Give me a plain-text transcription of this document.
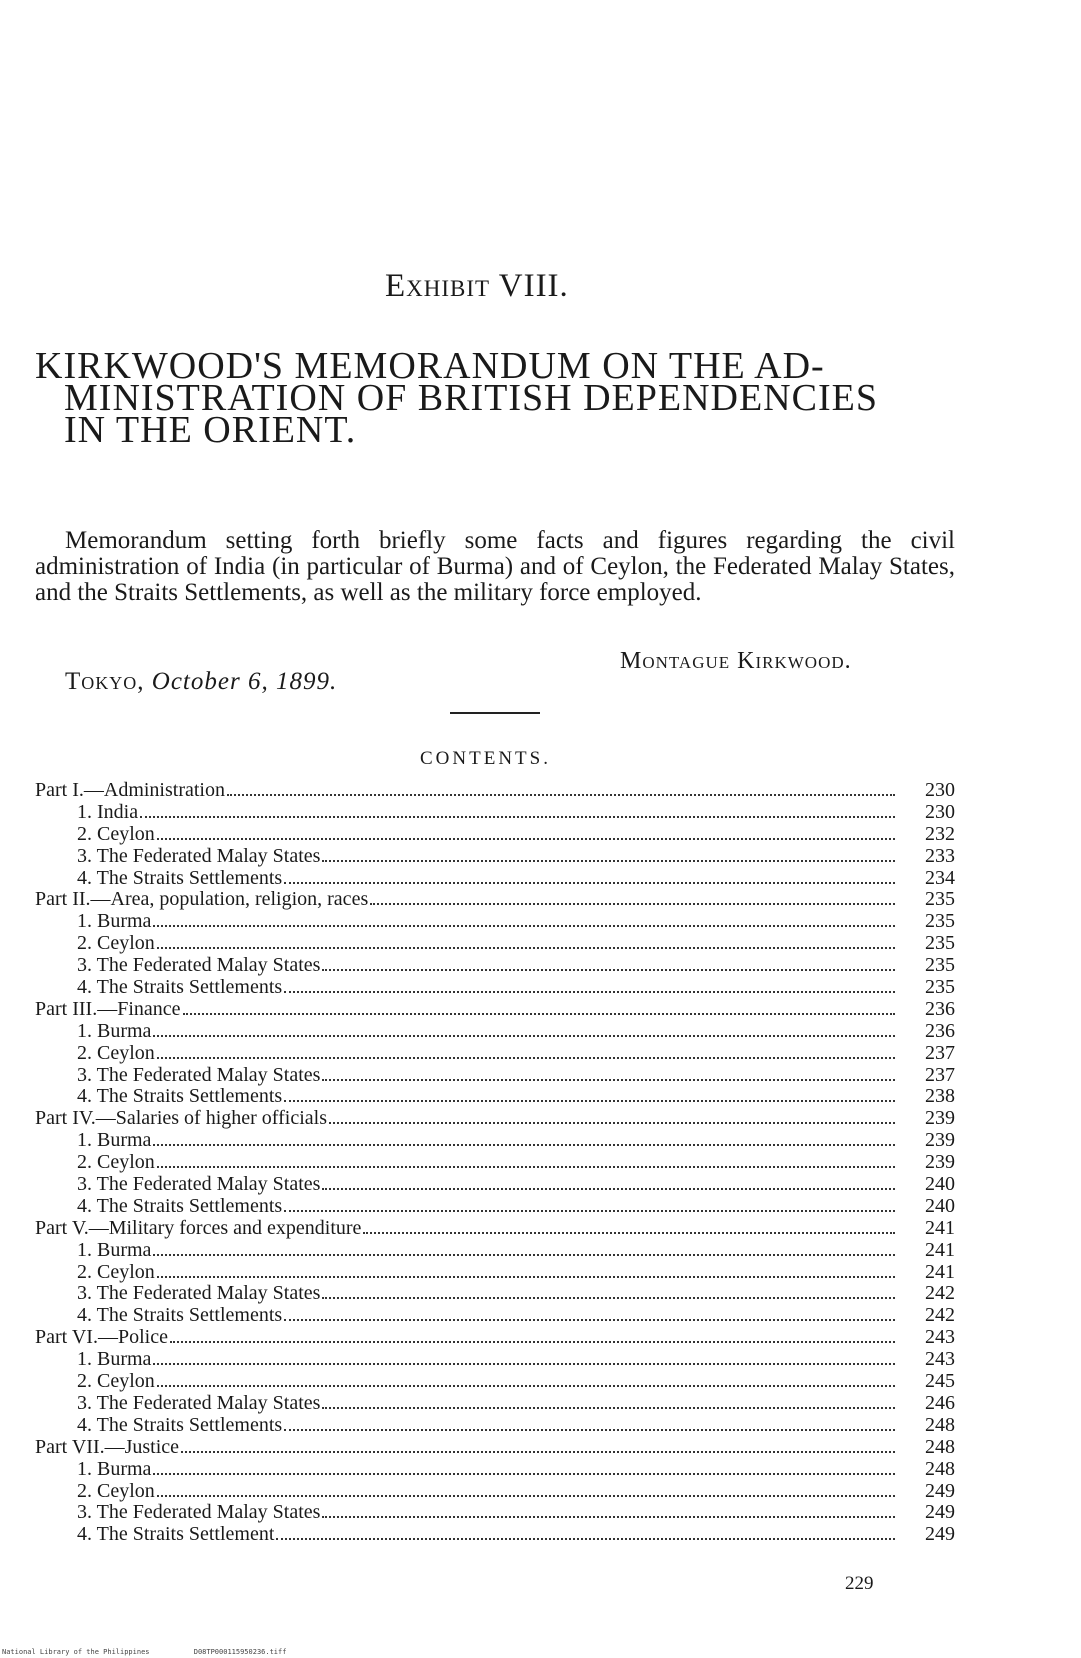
Exhibit VIII.
KIRKWOOD'S MEMORANDUM ON THE AD-
MINISTRATION OF BRITISH DEPENDENCIES
IN THE ORIENT.

Memorandum setting forth briefly some facts and figures regarding the civil administration of India (in particular of Burma) and of Ceylon, the Federated Malay States, and the Straits Settlements, as well as the military force employed.

Montague Kirkwood.
Tokyo, October 6, 1899.
CONTENTS.
Part I.—Administration	230
1. India	230
2. Ceylon	232
3. The Federated Malay States	233
4. The Straits Settlements	234
Part II.—Area, population, religion, races	235
1. Burma	235
2. Ceylon	235
3. The Federated Malay States	235
4. The Straits Settlements	235
Part III.—Finance	236
1. Burma	236
2. Ceylon	237
3. The Federated Malay States	237
4. The Straits Settlements	238
Part IV.—Salaries of higher officials	239
1. Burma	239
2. Ceylon	239
3. The Federated Malay States	240
4. The Straits Settlements	240
Part V.—Military forces and expenditure	241
1. Burma	241
2. Ceylon	241
3. The Federated Malay States	242
4. The Straits Settlements	242
Part VI.—Police	243
1. Burma	243
2. Ceylon	245
3. The Federated Malay States	246
4. The Straits Settlements	248
Part VII.—Justice	248
1. Burma	248
2. Ceylon	249
3. The Federated Malay States	249
4. The Straits Settlement	249
229
National Library of the Philippines	D08TP000115950236.tiff
